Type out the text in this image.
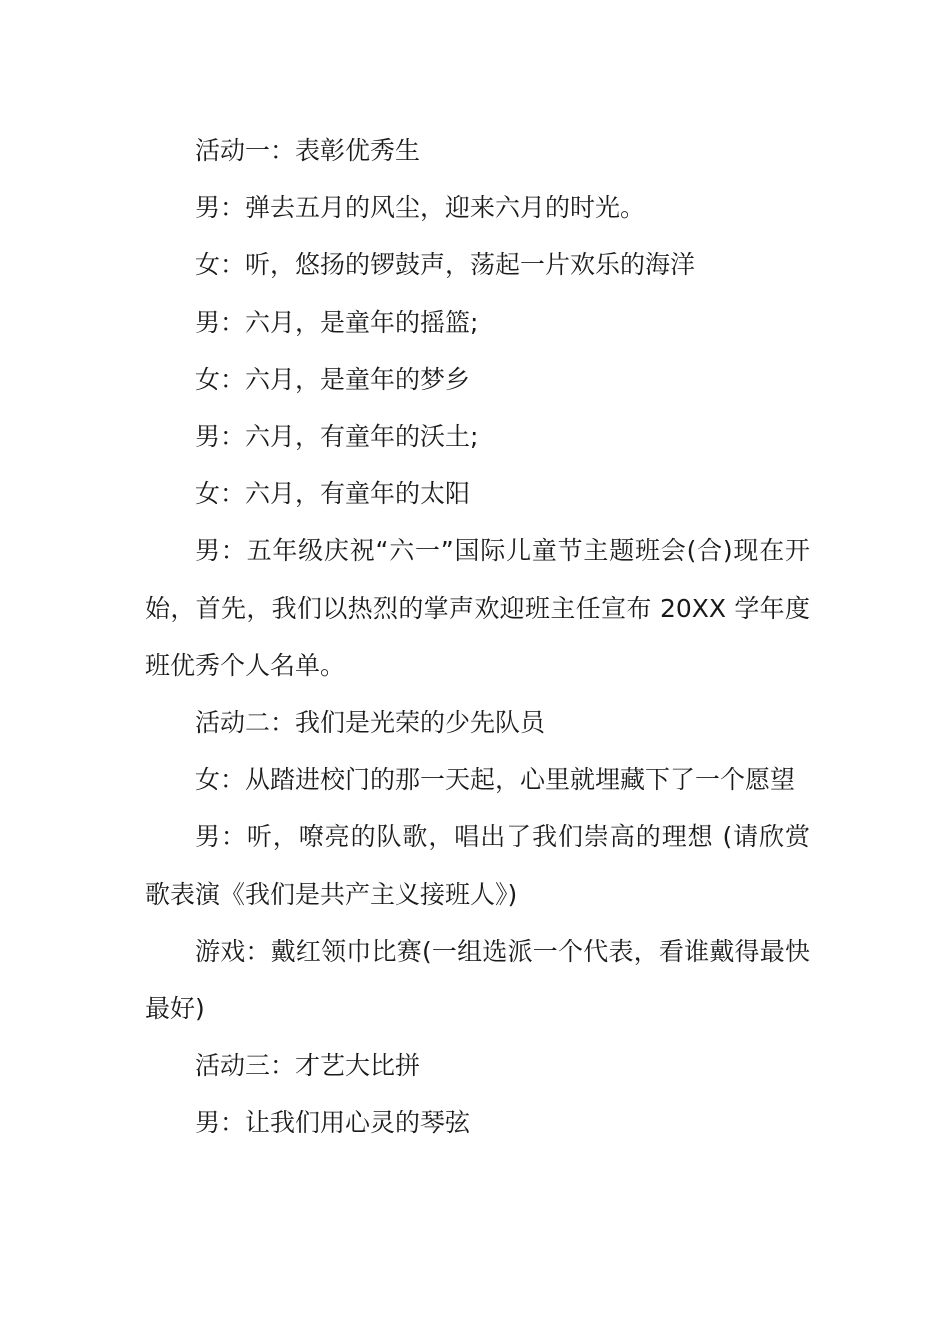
活动一：表彰优秀生

男：弹去五月的风尘，迎来六月的时光。

女：听，悠扬的锣鼓声，荡起一片欢乐的海洋

男：六月，是童年的摇篮;

女：六月，是童年的梦乡

男：六月，有童年的沃土;

女：六月，有童年的太阳

男：五年级庆祝“六一”国际儿童节主题班会(合)现在开始，首先，我们以热烈的掌声欢迎班主任宣布 20XX 学年度班优秀个人名单。

活动二：我们是光荣的少先队员

女：从踏进校门的那一天起，心里就埋藏下了一个愿望

男：听，嘹亮的队歌，唱出了我们崇高的理想 (请欣赏歌表演《我们是共产主义接班人》)

游戏：戴红领巾比赛(一组选派一个代表，看谁戴得最快最好)

活动三：才艺大比拼

男：让我们用心灵的琴弦
